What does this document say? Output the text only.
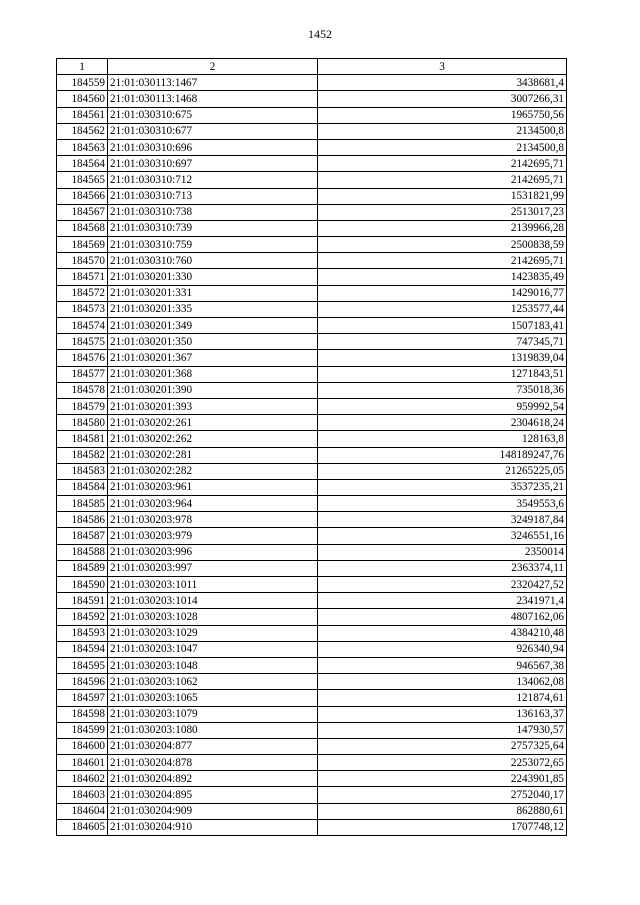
1452
1	2	3
184559	21:01:030113:1467	3438681,4
184560	21:01:030113:1468	3007266,31
184561	21:01:030310:675	1965750,56
184562	21:01:030310:677	2134500,8
184563	21:01:030310:696	2134500,8
184564	21:01:030310:697	2142695,71
184565	21:01:030310:712	2142695,71
184566	21:01:030310:713	1531821,99
184567	21:01:030310:738	2513017,23
184568	21:01:030310:739	2139966,28
184569	21:01:030310:759	2500838,59
184570	21:01:030310:760	2142695,71
184571	21:01:030201:330	1423835,49
184572	21:01:030201:331	1429016,77
184573	21:01:030201:335	1253577,44
184574	21:01:030201:349	1507183,41
184575	21:01:030201:350	747345,71
184576	21:01:030201:367	1319839,04
184577	21:01:030201:368	1271843,51
184578	21:01:030201:390	735018,36
184579	21:01:030201:393	959992,54
184580	21:01:030202:261	2304618,24
184581	21:01:030202:262	128163,8
184582	21:01:030202:281	148189247,76
184583	21:01:030202:282	21265225,05
184584	21:01:030203:961	3537235,21
184585	21:01:030203:964	3549553,6
184586	21:01:030203:978	3249187,84
184587	21:01:030203:979	3246551,16
184588	21:01:030203:996	2350014
184589	21:01:030203:997	2363374,11
184590	21:01:030203:1011	2320427,52
184591	21:01:030203:1014	2341971,4
184592	21:01:030203:1028	4807162,06
184593	21:01:030203:1029	4384210,48
184594	21:01:030203:1047	926340,94
184595	21:01:030203:1048	946567,38
184596	21:01:030203:1062	134062,08
184597	21:01:030203:1065	121874,61
184598	21:01:030203:1079	136163,37
184599	21:01:030203:1080	147930,57
184600	21:01:030204:877	2757325,64
184601	21:01:030204:878	2253072,65
184602	21:01:030204:892	2243901,85
184603	21:01:030204:895	2752040,17
184604	21:01:030204:909	862880,61
184605	21:01:030204:910	1707748,12
